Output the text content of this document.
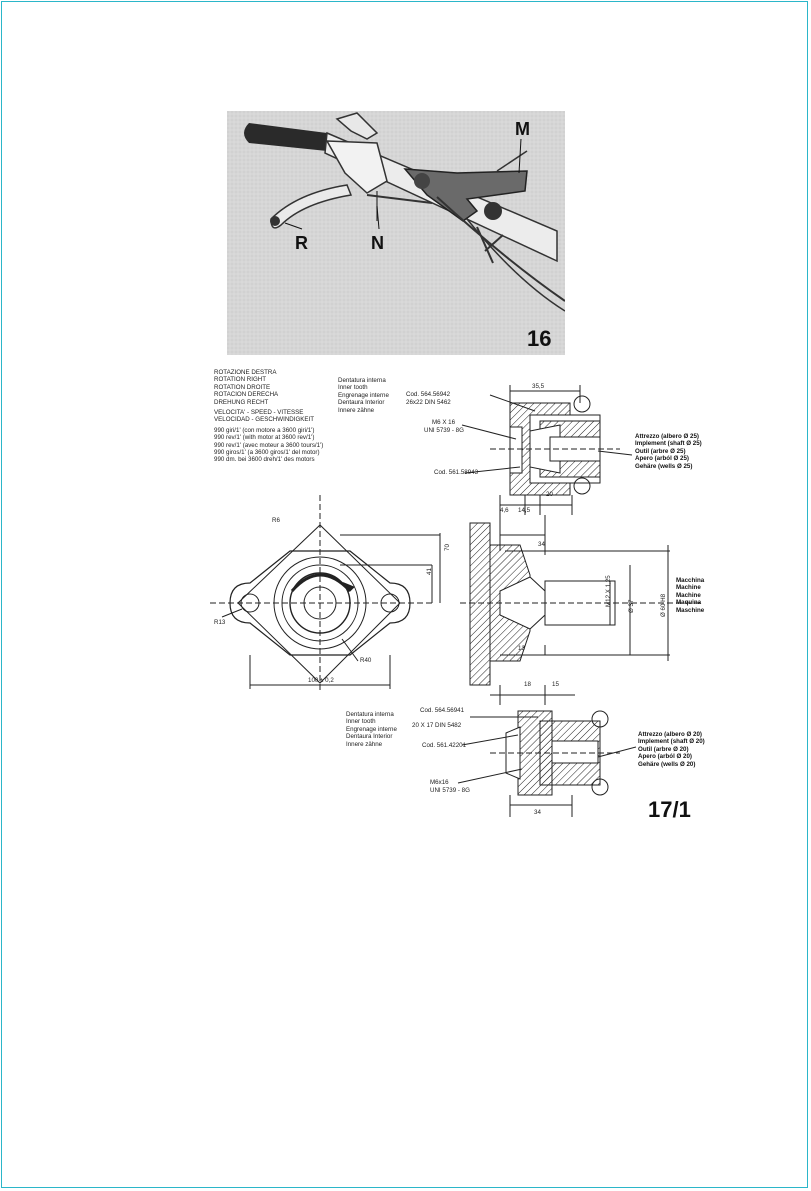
M
R	N
16
ROTAZIONE DESTRA
ROTATION RIGHT
ROTATION DROITE
ROTACION DERECHA
DREHUNG RECHT
VELOCITA' - SPEED - VITESSE
VELOCIDAD - GESCHWINDIGKEIT
990 giri/1' (con motore a 3600 giri/1')
990 rev/1' (with motor at 3600 rev/1')
990 rev/1' (avec moteur a 3600 tours/1')
990 giros/1' (a 3600 giros/1' del motor)
990 dm. bei 3600 dreh/1' des motors
Dentatura interna
Inner tooth
Engrenage interne
Dentaura Interior
Innere zähne
Cod. 564.56942
26x22 DIN 5462
M6 X 16
UNI 5739 - 8G
Cod. 561.58943
Attrezzo (albero Ø 25)
Implement (shaft Ø 25)
Outil (arbre Ø 25)
Apero (arból Ø 25)
Gehäre (wells Ø 25)
Macchina
Machine
Machine
Maquina
Maschine
35,5
4,6 14,5
20
34
13
M12 X 1,25	Ø 37	Ø 60 H8
18	15
34
R6
70
41
R13
R40
100 ± 0,2
Dentatura interna
Inner tooth
Engrenage interne
Dentaura Interior
Innere zähne
Cod. 564.56941
20 X 17 DIN 5482
Cod. 561.42201
M6x16
UNI 5739 - 8G
Attrezzo (albero Ø 20)
Implement (shaft Ø 20)
Outil (arbre Ø 20)
Apero (arból Ø 20)
Gehäre (wells Ø 20)
17/1
